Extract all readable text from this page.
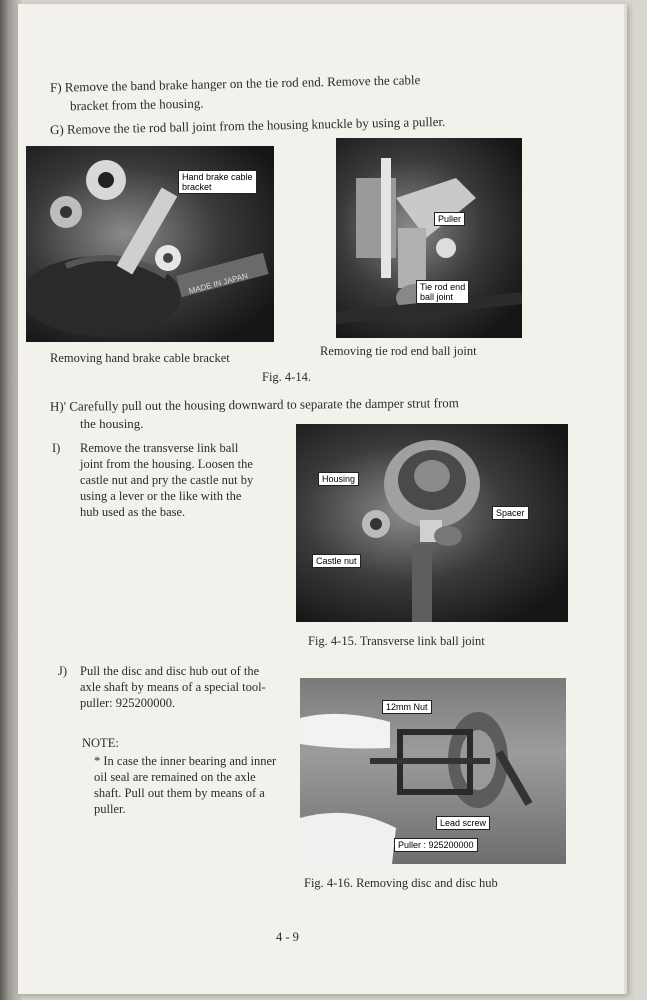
F) Remove the band brake hanger on the tie rod end. Remove the cable
bracket from the housing.
G) Remove the tie rod ball joint from the housing knuckle by using a puller.
MADE IN JAPAN
Hand brake cable
bracket
Puller
Tie rod end
ball joint
Removing hand brake cable bracket	Removing tie rod end ball joint
Fig. 4-14.
H)' Carefully pull out the housing downward to separate the damper strut from
the housing.
I) Remove the transverse link ball joint from the housing. Loosen the castle nut and pry the castle nut by using a lever or the like with the hub used as the base.
Housing
Spacer
Castle nut
Fig. 4-15. Transverse link ball joint
J) Pull the disc and disc hub out of the axle shaft by means of a special tool-puller: 925200000.
NOTE:
* In case the inner bearing and inner oil seal are remained on the axle shaft. Pull out them by means of a puller.
12mm Nut
Lead screw
Puller : 925200000
Fig. 4-16. Removing disc and disc hub
4 - 9
